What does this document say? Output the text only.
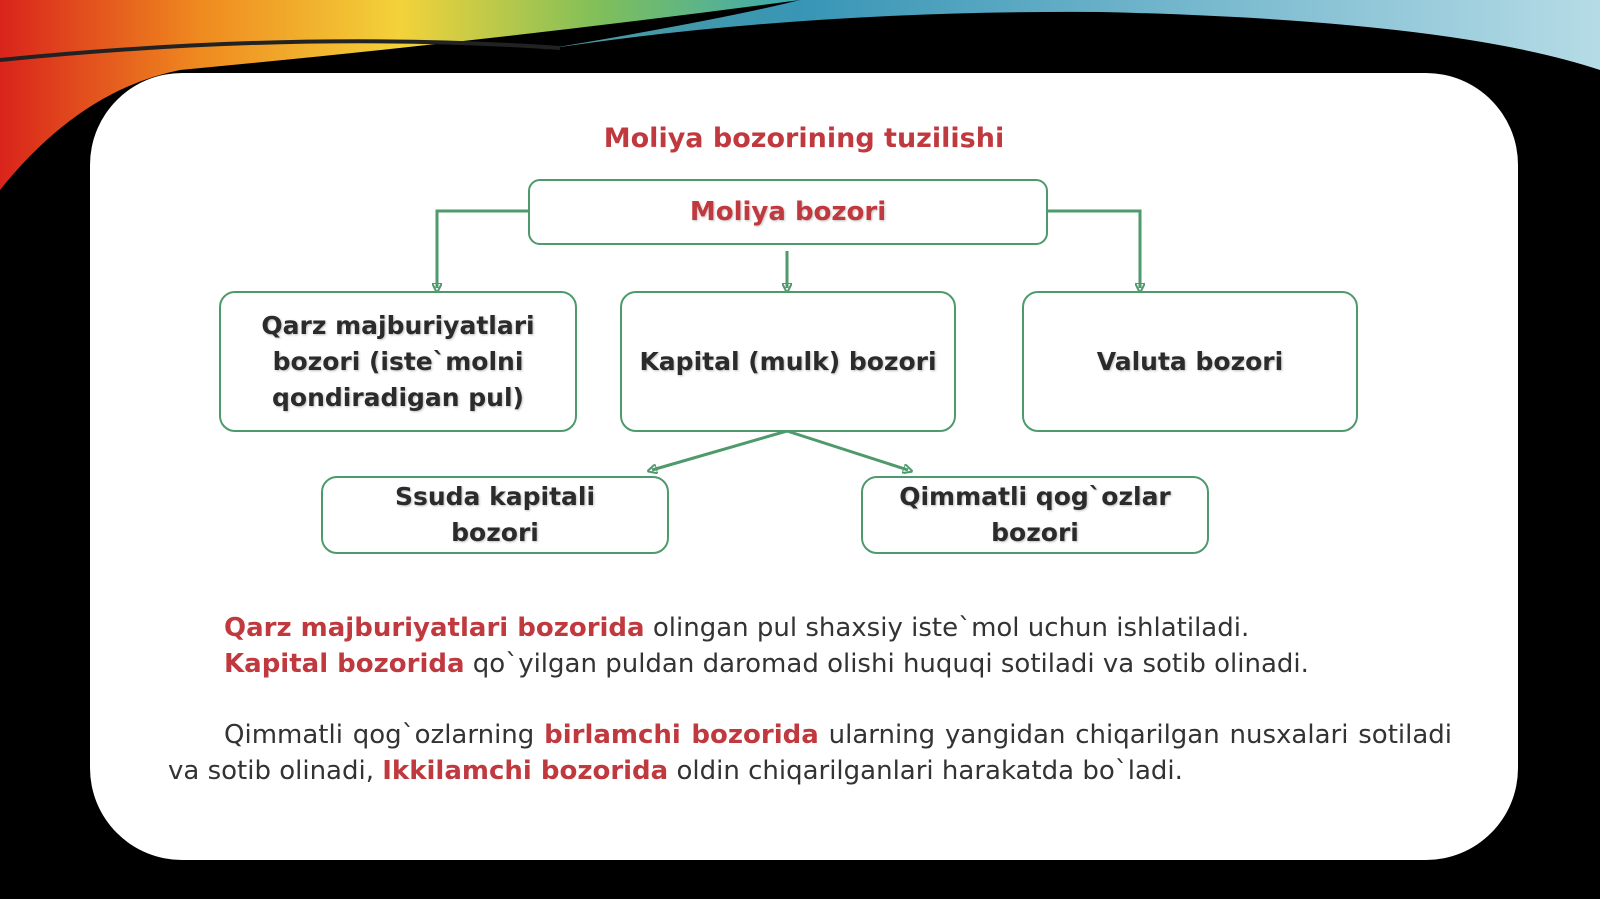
Moliya bozorining tuzilishi
Moliya bozori
Qarz majburiyatlari bozori (iste`molni qondiradigan pul)
Kapital (mulk) bozori	Valuta bozori
Ssuda kapitali bozori
Qimmatli qog`ozlar bozori

Qarz majburiyatlari bozorida olingan pul shaxsiy iste`mol uchun ishlatiladi.

Kapital bozorida qo`yilgan puldan daromad olishi huquqi sotiladi va sotib olinadi.

Qimmatli qog`ozlarning birlamchi bozorida ularning yangidan chiqarilgan nusxalari sotiladi va sotib olinadi, Ikkilamchi bozorida oldin chiqarilganlari harakatda bo`ladi.
